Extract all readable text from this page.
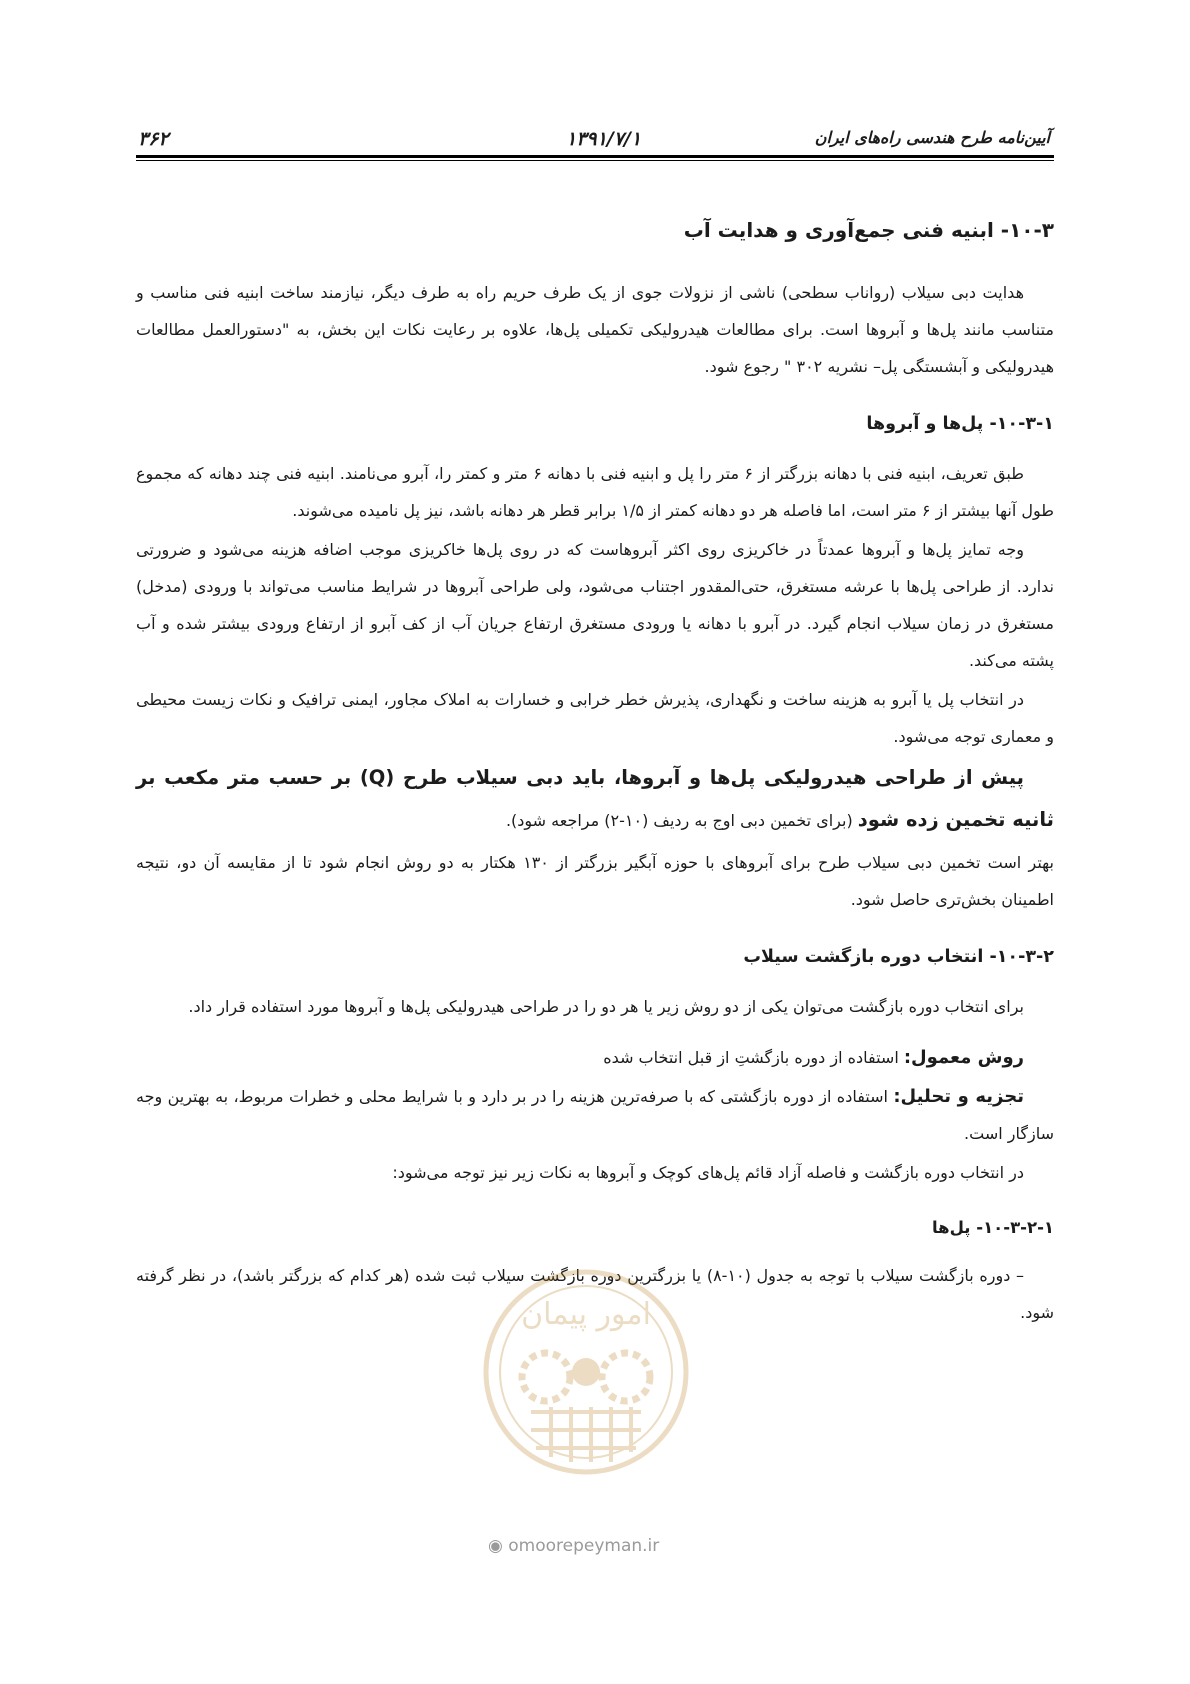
۳۶۲	۱۳۹۱/۷/۱	آیین‌نامه طرح هندسی راه‌های ایران
۱۰-۳- ابنیه فنی جمع‌آوری و هدایت آب

هدایت دبی سیلاب (رواناب سطحی) ناشی از نزولات جوی از یک طرف حریم راه به طرف دیگر، نیازمند ساخت ابنیه فنی مناسب و متناسب مانند پل‌ها و آبروها است. برای مطالعات هیدرولیکی تکمیلی پل‌ها، علاوه بر رعایت نکات این بخش، به "دستورالعمل مطالعات هیدرولیکی و آبشستگی پل– نشریه ۳۰۲ " رجوع شود.

۱۰-۳-۱- پل‌ها و آبروها

طبق تعریف، ابنیه فنی با دهانه بزرگتر از ۶ متر را پل و ابنیه فنی با دهانه ۶ متر و کمتر را، آبرو می‌نامند. ابنیه فنی چند دهانه که مجموع طول آنها بیشتر از ۶ متر است، اما فاصله هر دو دهانه کمتر از ۱/۵ برابر قطر هر دهانه باشد، نیز پل نامیده می‌شوند.

وجه تمایز پل‌ها و آبروها عمدتاً در خاکریزی روی اکثر آبروهاست که در روی پل‌ها خاکریزی موجب اضافه هزینه می‌شود و ضرورتی ندارد. از طراحی پل‌ها با عرشه مستغرق، حتی‌المقدور اجتناب می‌شود، ولی طراحی آبروها در شرایط مناسب می‌تواند با ورودی (مدخل) مستغرق در زمان سیلاب انجام گیرد. در آبرو با دهانه یا ورودی مستغرق ارتفاع جریان آب از کف آبرو از ارتفاع ورودی بیشتر شده و آب پشته می‌کند.

در انتخاب پل یا آبرو به هزینه ساخت و نگهداری، پذیرش خطر خرابی و خسارات به املاک مجاور، ایمنی ترافیک و نکات زیست محیطی و معماری توجه می‌شود.

پیش از طراحی هیدرولیکی پل‌ها و آبروها، باید دبی سیلاب طرح (Q) بر حسب متر مکعب بر ثانیه تخمین زده شود (برای تخمین دبی اوج به ردیف (۱۰-۲) مراجعه شود).

بهتر است تخمین دبی سیلاب طرح برای آبروهای با حوزه آبگیر بزرگتر از ۱۳۰ هکتار به دو روش انجام شود تا از مقایسه آن دو، نتیجه اطمینان بخش‌تری حاصل شود.

۱۰-۳-۲- انتخاب دوره بازگشت سیلاب

برای انتخاب دوره بازگشت می‌توان یکی از دو روش زیر یا هر دو را در طراحی هیدرولیکی پل‌ها و آبروها مورد استفاده قرار داد.

روش معمول: استفاده از دوره بازگشتِ از قبل انتخاب شده

تجزیه و تحلیل: استفاده از دوره بازگشتی که با صرفه‌ترین هزینه را در بر دارد و با شرایط محلی و خطرات مربوط، به بهترین وجه سازگار است.

در انتخاب دوره بازگشت و فاصله آزاد قائم پل‌های کوچک و آبروها به نکات زیر نیز توجه می‌شود:

۱۰-۳-۲-۱- پل‌ها

– دوره بازگشت سیلاب با توجه به جدول (۱۰-۸) یا بزرگترین دوره بازگشت سیلاب ثبت شده (هر کدام که بزرگتر باشد)، در نظر گرفته شود.

امور پیمان
◉ omoorepeyman.ir
